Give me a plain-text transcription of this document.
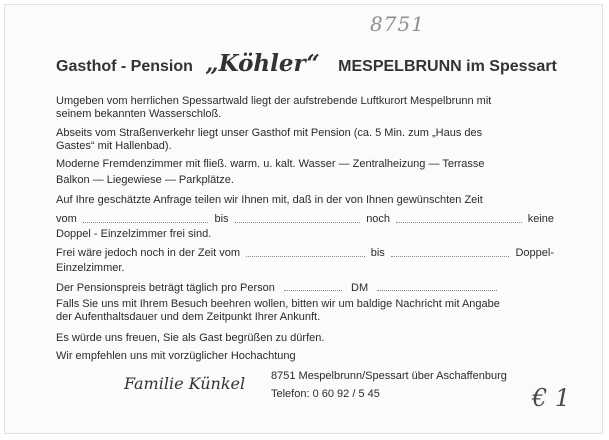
8751
Gasthof - Pension „Köhler“ MESPELBRUNN im Spessart
Umgeben vom herrlichen Spessartwald liegt der aufstrebende Luftkurort Mespelbrunn mit
seinem bekannten Wasserschloß.
Abseits vom Straßenverkehr liegt unser Gasthof mit Pension (ca. 5 Min. zum „Haus des
Gastes“ mit Hallenbad).
Moderne Fremdenzimmer mit fließ. warm. u. kalt. Wasser — Zentralheizung — Terrasse
Balkon — Liegewiese — Parkplätze.
Auf Ihre geschätzte Anfrage teilen wir Ihnen mit, daß in der von Ihnen gewünschten Zeit
vom	bis	noch	keine
Doppel - Einzelzimmer frei sind.
Frei wäre jedoch noch in der Zeit vom	bis	Doppel-
Einzelzimmer.
Der Pensionspreis beträgt täglich pro Person	DM
Falls Sie uns mit Ihrem Besuch beehren wollen, bitten wir um baldige Nachricht mit Angabe
der Aufenthaltsdauer und dem Zeitpunkt Ihrer Ankunft.
Es würde uns freuen, Sie als Gast begrüßen zu dürfen.
Wir empfehlen uns mit vorzüglicher Hochachtung
Familie Künkel 8751 Mespelbrunn/Spessart über Aschaffenburg
Telefon: 0 60 92 / 5 45	€ 1
